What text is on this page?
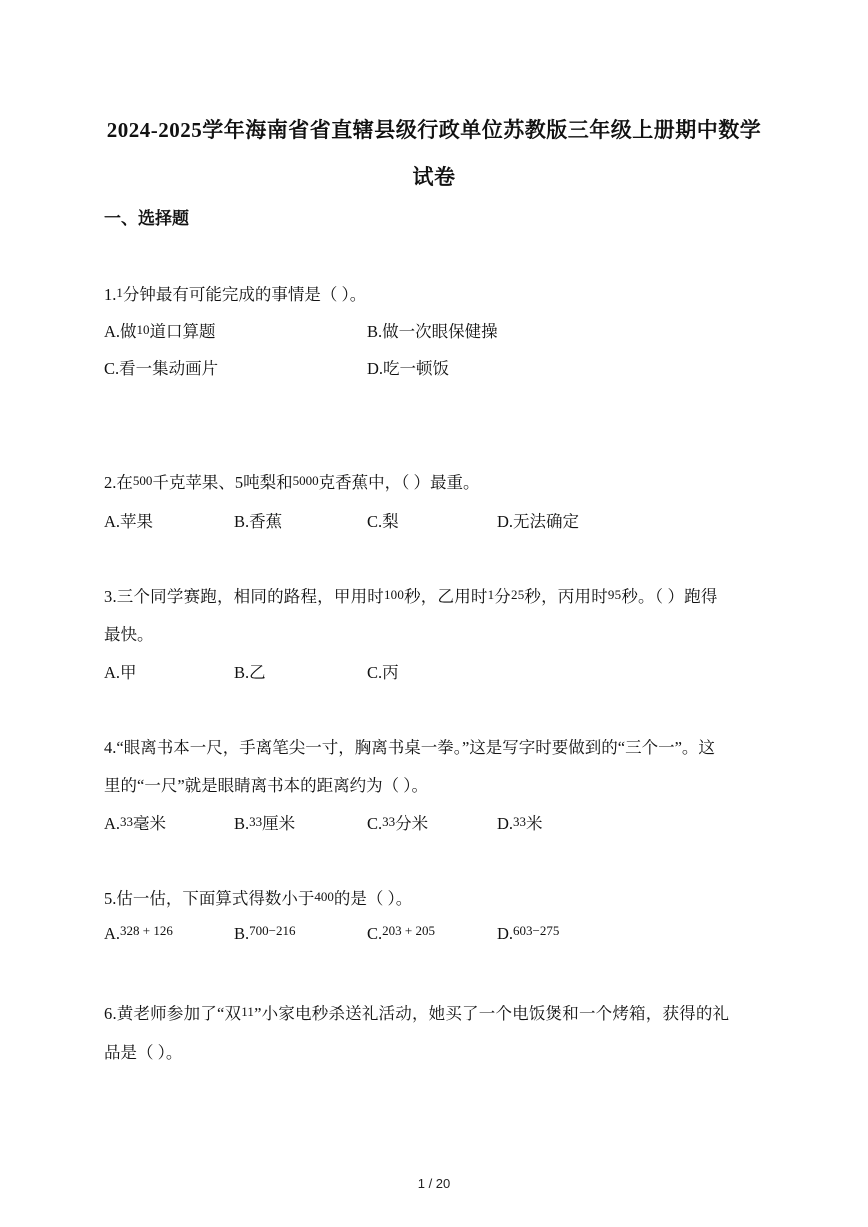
2024-2025学年海南省省直辖县级行政单位苏教版三年级上册期中数学
试卷
一、选择题
1.1分钟最有可能完成的事情是（ ）。
A.做10道口算题	B.做一次眼保健操
C.看一集动画片	D.吃一顿饭
2.在500千克苹果、5吨梨和5000克香蕉中，（ ）最重。
A.苹果	B.香蕉	C.梨	D.无法确定
3.三个同学赛跑，相同的路程，甲用时100秒，乙用时1分25秒，丙用时95秒。（ ）跑得
最快。
A.甲	B.乙	C.丙
4.“眼离书本一尺，手离笔尖一寸，胸离书桌一拳。”这是写字时要做到的“三个一”。这
里的“一尺”就是眼睛离书本的距离约为（ ）。
A.33毫米	B.33厘米	C.33分米	D.33米
5.估一估，下面算式得数小于400的是（ ）。
A.$^{328 + 126}$	B.$^{700-216}$	C.$^{203 + 205}$	D.$^{603-275}$
6.黄老师参加了“双11”小家电秒杀送礼活动，她买了一个电饭煲和一个烤箱，获得的礼
品是（ ）。
1 / 20
